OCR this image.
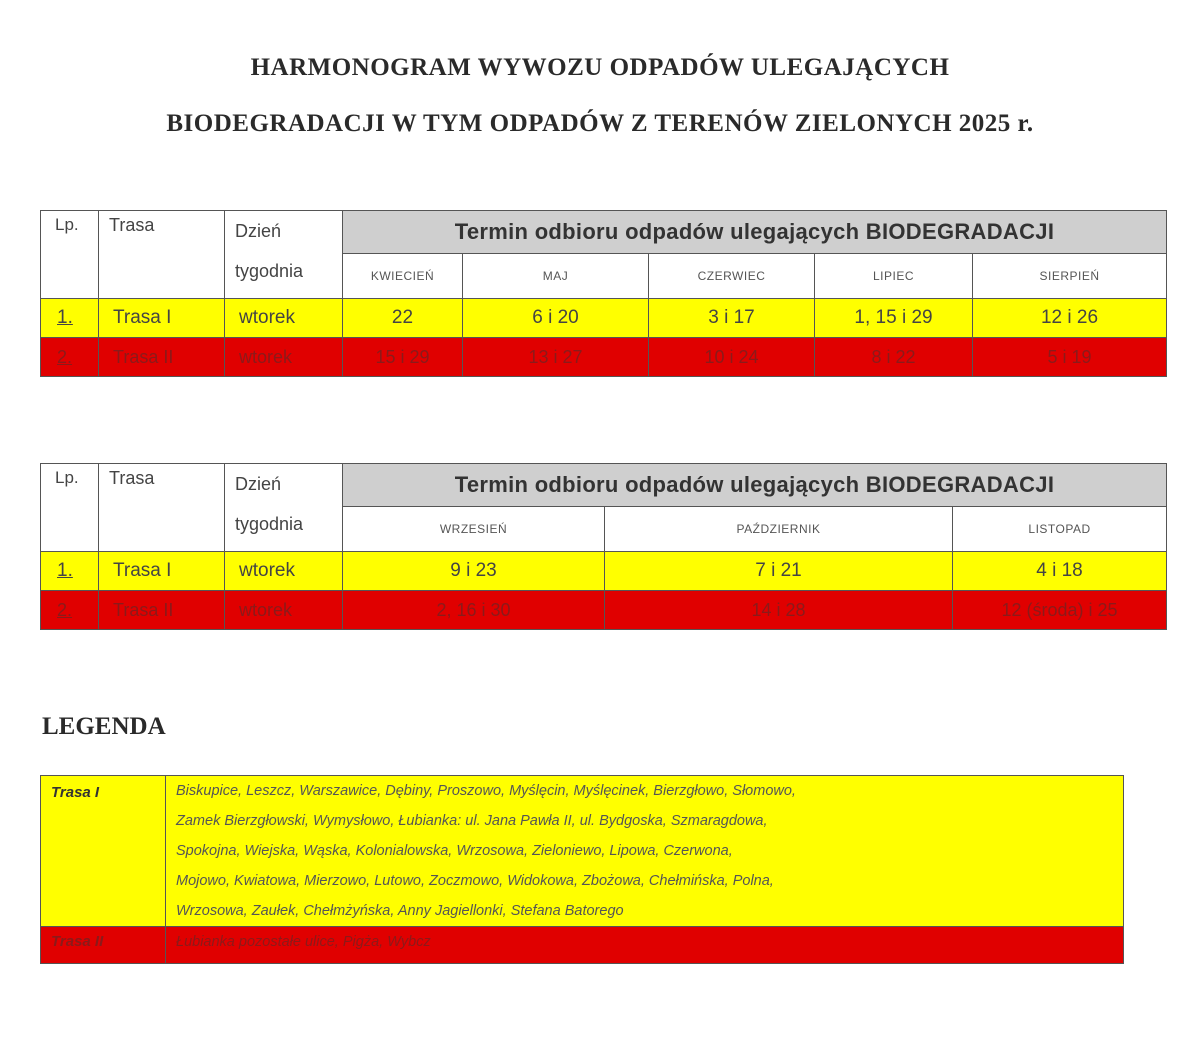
HARMONOGRAM WYWOZU ODPADÓW ULEGAJĄCYCH
BIODEGRADACJI W TYM ODPADÓW Z TERENÓW ZIELONYCH 2025 r.
Lp.	Trasa	Dzień
tygodnia	Termin odbioru odpadów ulegających BIODEGRADACJI				
			KWIECIEŃ	MAJ	CZERWIEC	LIPIEC	SIERPIEŃ
1.	Trasa I	wtorek	22	6 i 20	3 i 17	1, 15 i 29	12 i 26
2.	Trasa II	wtorek	15 i 29	13 i 27	10 i 24	8 i 22	5 i 19
Lp.	Trasa	Dzień
tygodnia	Termin odbioru odpadów ulegających BIODEGRADACJI		
			WRZESIEŃ	PAŹDZIERNIK	LISTOPAD
1.	Trasa I	wtorek	9 i 23	7 i 21	4 i 18
2.	Trasa II	wtorek	2, 16 i 30	14 i 28	12 (środa) i 25
LEGENDA
Trasa I	Biskupice, Leszcz, Warszawice, Dębiny, Proszowo, Myślęcin, Myślęcinek, Bierzgłowo, Słomowo,
Zamek Bierzgłowski, Wymysłowo, Łubianka: ul. Jana Pawła II, ul. Bydgoska, Szmaragdowa,
Spokojna, Wiejska, Wąska, Kolonialowska, Wrzosowa, Zieloniewo, Lipowa, Czerwona,
Mojowo, Kwiatowa, Mierzowo, Lutowo, Zoczmowo, Widokowa, Zbożowa, Chełmińska, Polna,
Wrzosowa, Zaułek, Chełmżyńska, Anny Jagiellonki, Stefana Batorego

Trasa II	Łubianka pozostałe ulice, Pigża, Wybcz
